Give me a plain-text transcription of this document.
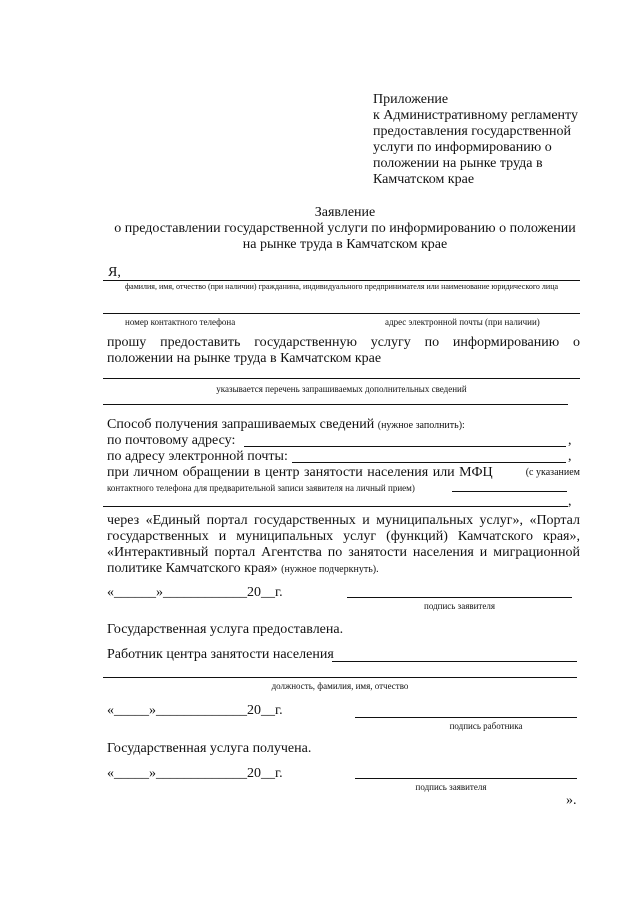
Приложение
к Административному регламенту
предоставления государственной
услуги по информированию о
положении на рынке труда в
Камчатском крае
Заявление
о предоставлении государственной услуги по информированию о положении
на рынке труда в Камчатском крае
Я,
фамилия, имя, отчество (при наличии) гражданина, индивидуального предпринимателя или наименование юридического лица
номер контактного телефона	адрес электронной почты (при наличии)
прошу предоставить государственную услугу по информированию о
положении на рынке труда в Камчатском крае
указывается перечень запрашиваемых дополнительных сведений
Способ получения запрашиваемых сведений (нужное заполнить):
по почтовому адресу:	,
по адресу электронной почты:	,
при личном обращении в центр занятости населения или МФЦ	(с указанием
контактного телефона для предварительной записи заявителя на личный прием)
,
через «Единый портал государственных и муниципальных услуг», «Портал
государственных и муниципальных услуг (функций) Камчатского края»,
«Интерактивный портал Агентства по занятости населения и миграционной
политике Камчатского края» (нужное подчеркнуть).
«______»____________20__г.
подпись заявителя
Государственная услуга предоставлена.
Работник центра занятости населения
должность, фамилия, имя, отчество
«_____»_____________20__г.
подпись работника
Государственная услуга получена.
«_____»_____________20__г.
подпись заявителя
».
